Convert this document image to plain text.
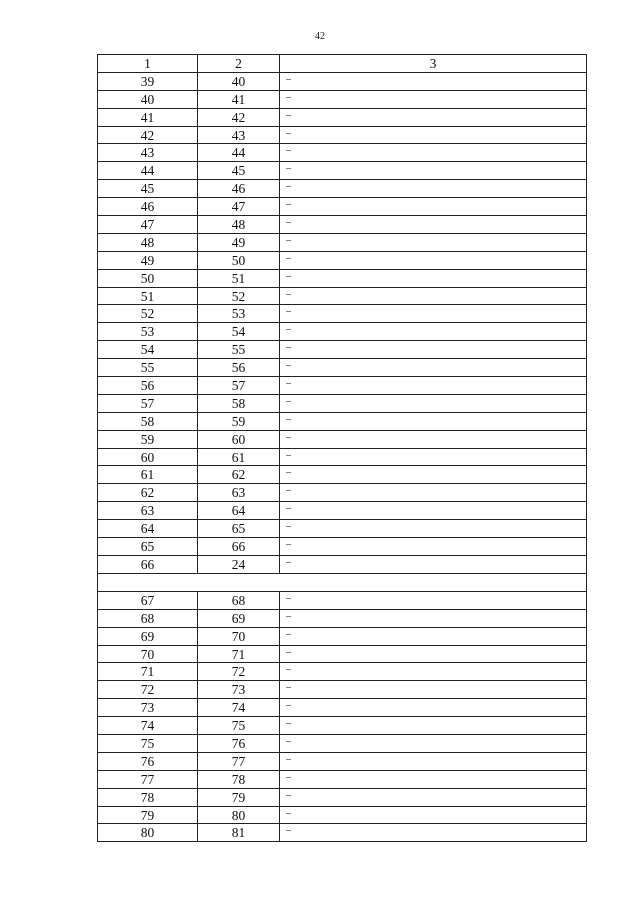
42
1	2	3
39	40	–
40	41	–
41	42	–
42	43	–
43	44	–
44	45	–
45	46	–
46	47	–
47	48	–
48	49	–
49	50	–
50	51	–
51	52	–
52	53	–
53	54	–
54	55	–
55	56	–
56	57	–
57	58	–
58	59	–
59	60	–
60	61	–
61	62	–
62	63	–
63	64	–
64	65	–
65	66	–
66	24	–
67	68	–
68	69	–
69	70	–
70	71	–
71	72	–
72	73	–
73	74	–
74	75	–
75	76	–
76	77	–
77	78	–
78	79	–
79	80	–
80	81	–
